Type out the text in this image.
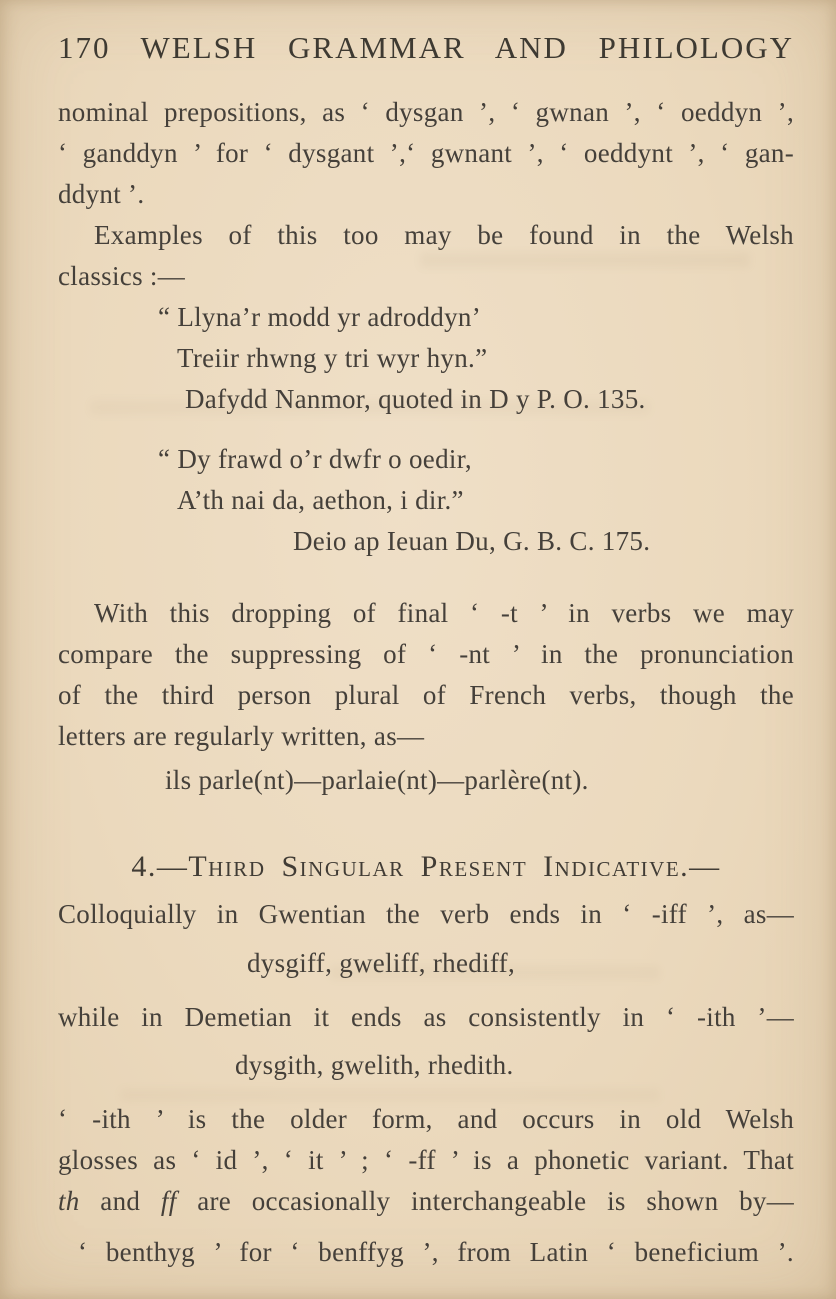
170 WELSH GRAMMAR AND PHILOLOGY
nominal prepositions, as ‘ dysgan ’, ‘ gwnan ’, ‘ oeddyn ’,
‘ ganddyn ’ for ‘ dysgant ’,‘ gwnant ’, ‘ oeddynt ’, ‘ gan-
ddynt ’.
Examples of this too may be found in the Welsh
classics :—
“ Llyna’r modd yr adroddyn’
Treiir rhwng y tri wyr hyn.”
Dafydd Nanmor, quoted in D y P. O. 135.
“ Dy frawd o’r dwfr o oedir,
A’th nai da, aethon, i dir.”
Deio ap Ieuan Du, G. B. C. 175.
With this dropping of final ‘ -t ’ in verbs we may
compare the suppressing of ‘ -nt ’ in the pronunciation
of the third person plural of French verbs, though the
letters are regularly written, as—
ils parle(nt)—parlaie(nt)—parlère(nt).
4.—Third Singular Present Indicative.—
Colloquially in Gwentian the verb ends in ‘ -iff ’, as—
dysgiff, gweliff, rhediff,
while in Demetian it ends as consistently in ‘ -ith ’—
dysgith, gwelith, rhedith.
‘ -ith ’ is the older form, and occurs in old Welsh
glosses as ‘ id ’, ‘ it ’ ; ‘ -ff ’ is a phonetic variant. That
th and ff are occasionally interchangeable is shown by—
‘ benthyg ’ for ‘ benffyg ’, from Latin ‘ beneficium ’.
